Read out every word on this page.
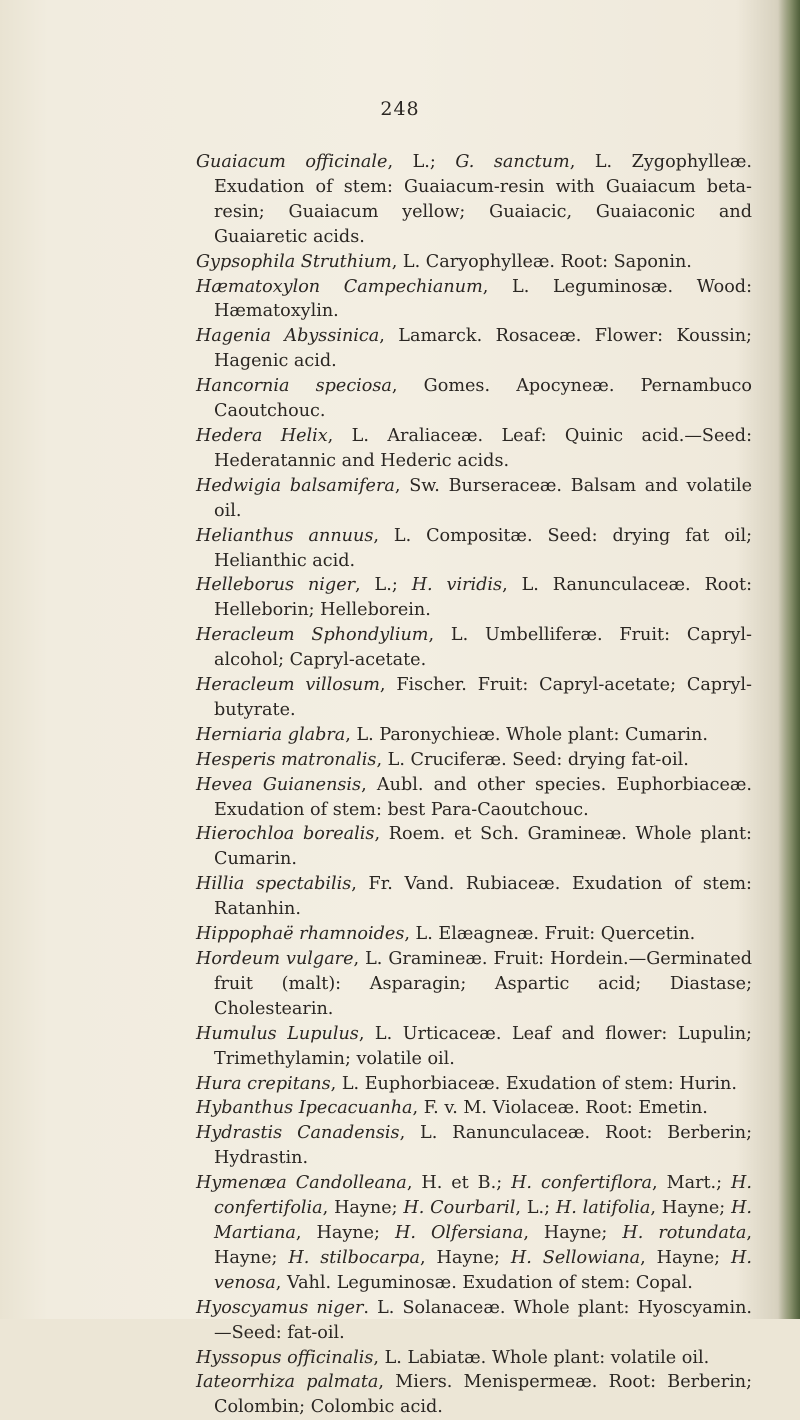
248

Guaiacum officinale, L.; G. sanctum, L. Zygophylleæ. Exudation of stem: Guaiacum-resin with Guaiacum beta-resin; Guaiacum yellow; Guaiacic, Guaiaconic and Guaiaretic acids.

Gypsophila Struthium, L. Caryophylleæ. Root: Saponin.

Hæmatoxylon Campechianum, L. Leguminosæ. Wood: Hæmatoxylin.

Hagenia Abyssinica, Lamarck. Rosaceæ. Flower: Koussin; Hagenic acid.

Hancornia speciosa, Gomes. Apocyneæ. Pernambuco Caoutchouc.

Hedera Helix, L. Araliaceæ. Leaf: Quinic acid.—Seed: Hederatannic and Hederic acids.

Hedwigia balsamifera, Sw. Burseraceæ. Balsam and volatile oil.

Helianthus annuus, L. Compositæ. Seed: drying fat oil; Helianthic acid.

Helleborus niger, L.; H. viridis, L. Ranunculaceæ. Root: Helleborin; Helleborein.

Heracleum Sphondylium, L. Umbelliferæ. Fruit: Capryl-alcohol; Capryl-acetate.

Heracleum villosum, Fischer. Fruit: Capryl-acetate; Capryl-butyrate.

Herniaria glabra, L. Paronychieæ. Whole plant: Cumarin.

Hesperis matronalis, L. Cruciferæ. Seed: drying fat-oil.

Hevea Guianensis, Aubl. and other species. Euphorbiaceæ. Exudation of stem: best Para-Caoutchouc.

Hierochloa borealis, Roem. et Sch. Gramineæ. Whole plant: Cumarin.

Hillia spectabilis, Fr. Vand. Rubiaceæ. Exudation of stem: Ratanhin.

Hippophaë rhamnoides, L. Elæagneæ. Fruit: Quercetin.

Hordeum vulgare, L. Gramineæ. Fruit: Hordein.—Germinated fruit (malt): Asparagin; Aspartic acid; Diastase; Cholestearin.

Humulus Lupulus, L. Urticaceæ. Leaf and flower: Lupulin; Trimethylamin; volatile oil.

Hura crepitans, L. Euphorbiaceæ. Exudation of stem: Hurin.

Hybanthus Ipecacuanha, F. v. M. Violaceæ. Root: Emetin.

Hydrastis Canadensis, L. Ranunculaceæ. Root: Berberin; Hydrastin.

Hymenæa Candolleana, H. et B.; H. confertiflora, Mart.; H. confertifolia, Hayne; H. Courbaril, L.; H. latifolia, Hayne; H. Martiana, Hayne; H. Olfersiana, Hayne; H. rotundata, Hayne; H. stilbocarpa, Hayne; H. Sellowiana, Hayne; H. venosa, Vahl. Leguminosæ. Exudation of stem: Copal.

Hyoscyamus niger. L. Solanaceæ. Whole plant: Hyoscyamin. —Seed: fat-oil.

Hyssopus officinalis, L. Labiatæ. Whole plant: volatile oil.

Iateorrhiza palmata, Miers. Menispermeæ. Root: Berberin; Colombin; Colombic acid.
